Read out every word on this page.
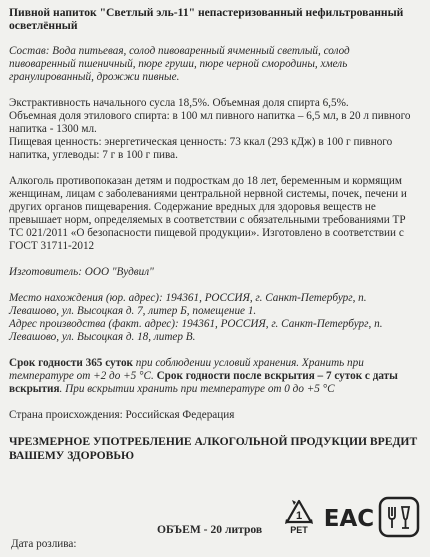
Пивной напиток "Светлый эль-11" непастеризованный нефильтрованный осветлённый

Состав: Вода питьевая, солод пивоваренный ячменный светлый, солод пивоваренный пшеничный, пюре груши, пюре черной смородины, хмель гранулированный, дрожжи пивные.

Экстрактивность начального сусла 18,5%. Объемная доля спирта 6,5%.

Объемная доля этилового спирта: в 100 мл пивного напитка – 6,5 мл, в 20 л пивного напитка - 1300 мл.

Пищевая ценность: энергетическая ценность: 73 ккал (293 кДж) в 100 г пивного напитка, углеводы: 7 г в 100 г пива.

Алкоголь противопоказан детям и подросткам до 18 лет, беременным и кормящим женщинам, лицам с заболеваниями центральной нервной системы, почек, печени и других органов пищеварения. Содержание вредных для здоровья веществ не превышает норм, определяемых в соответствии с обязательными требованиями ТР ТС 021/2011 «О безопасности пищевой продукции». Изготовлено в соответствии с ГОСТ 31711-2012

Изготовитель: ООО "Вудвил"

Место нахождения (юр. адрес): 194361, РОССИЯ, г. Санкт-Петербург, п. Левашово, ул. Высоцкая д. 7, литер Б, помещение 1.

Адрес производства (факт. адрес): 194361, РОССИЯ, г. Санкт-Петербург, п. Левашово, ул. Высоцкая д. 18, литер В.

Срок годности 365 суток при соблюдении условий хранения. Хранить при температуре от +2 до +5 °С. Срок годности после вскрытия – 7 суток с даты вскрытия. При вскрытии хранить при температуре от 0 до +5 °С

Страна происхождения: Российская Федерация

ЧРЕЗМЕРНОЕ УПОТРЕБЛЕНИЕ АЛКОГОЛЬНОЙ ПРОДУКЦИИ ВРЕДИТ ВАШЕМУ ЗДОРОВЬЮ

1
PET EAC
ОБЪЕМ - 20 литров
Дата розлива:
